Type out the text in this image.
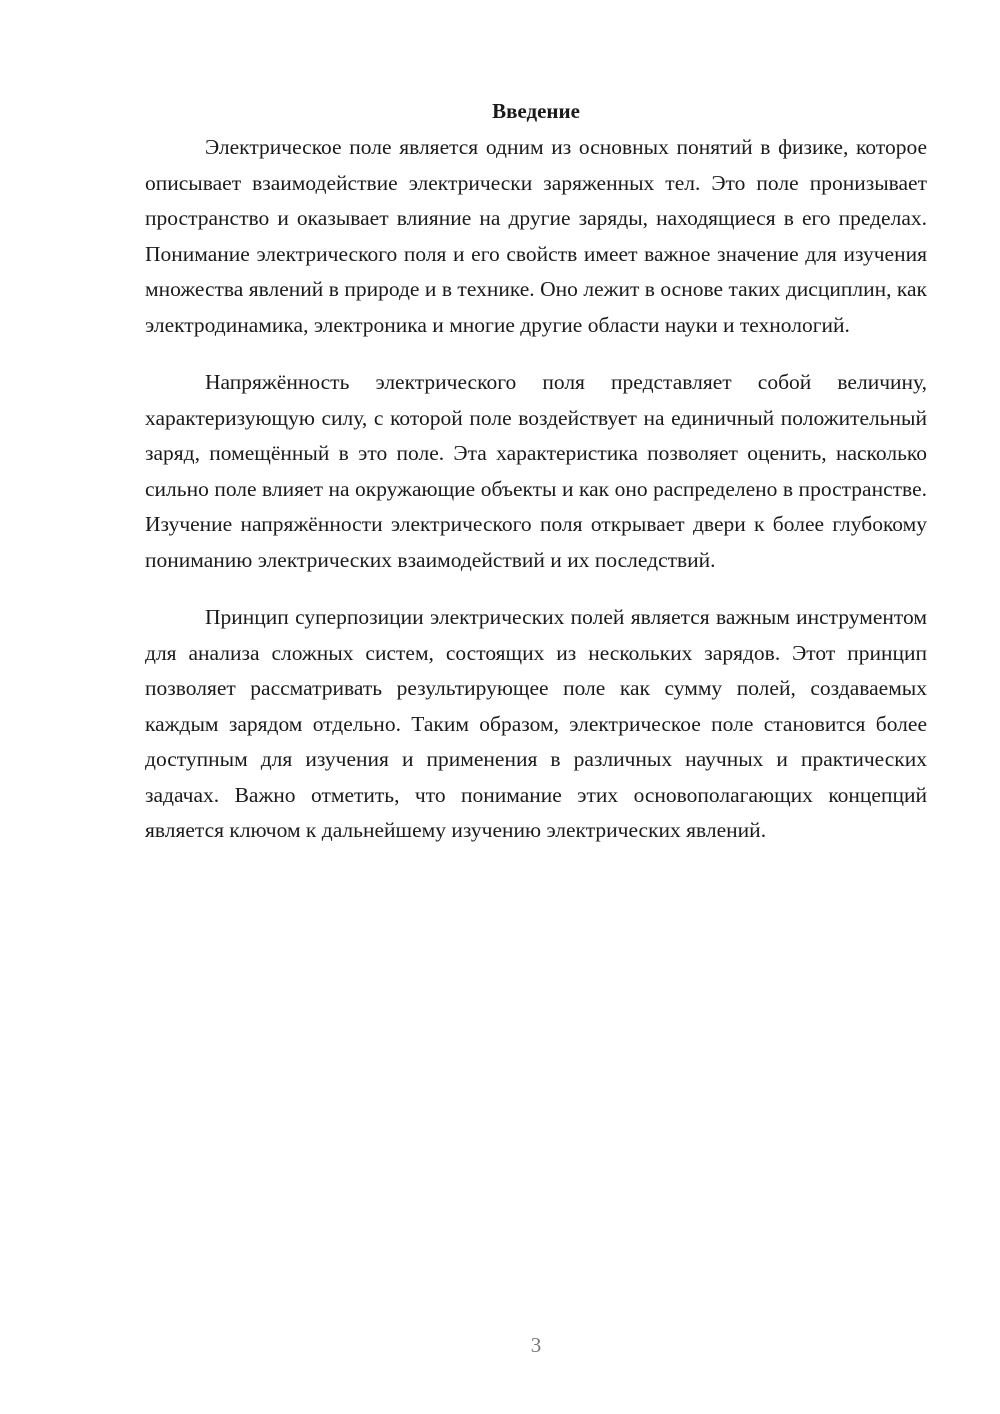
Введение

Электрическое поле является одним из основных понятий в физике, которое описывает взаимодействие электрически заряженных тел. Это поле пронизывает пространство и оказывает влияние на другие заряды, находящиеся в его пределах. Понимание электрического поля и его свойств имеет важное значение для изучения множества явлений в природе и в технике. Оно лежит в основе таких дисциплин, как электродинамика, электроника и многие другие области науки и технологий.

Напряжённость электрического поля представляет собой величину, характеризующую силу, с которой поле воздействует на единичный положительный заряд, помещённый в это поле. Эта характеристика позволяет оценить, насколько сильно поле влияет на окружающие объекты и как оно распределено в пространстве. Изучение напряжённости электрического поля открывает двери к более глубокому пониманию электрических взаимодействий и их последствий.

Принцип суперпозиции электрических полей является важным инструментом для анализа сложных систем, состоящих из нескольких зарядов. Этот принцип позволяет рассматривать результирующее поле как сумму полей, создаваемых каждым зарядом отдельно. Таким образом, электрическое поле становится более доступным для изучения и применения в различных научных и практических задачах. Важно отметить, что понимание этих основополагающих концепций является ключом к дальнейшему изучению электрических явлений.

3
